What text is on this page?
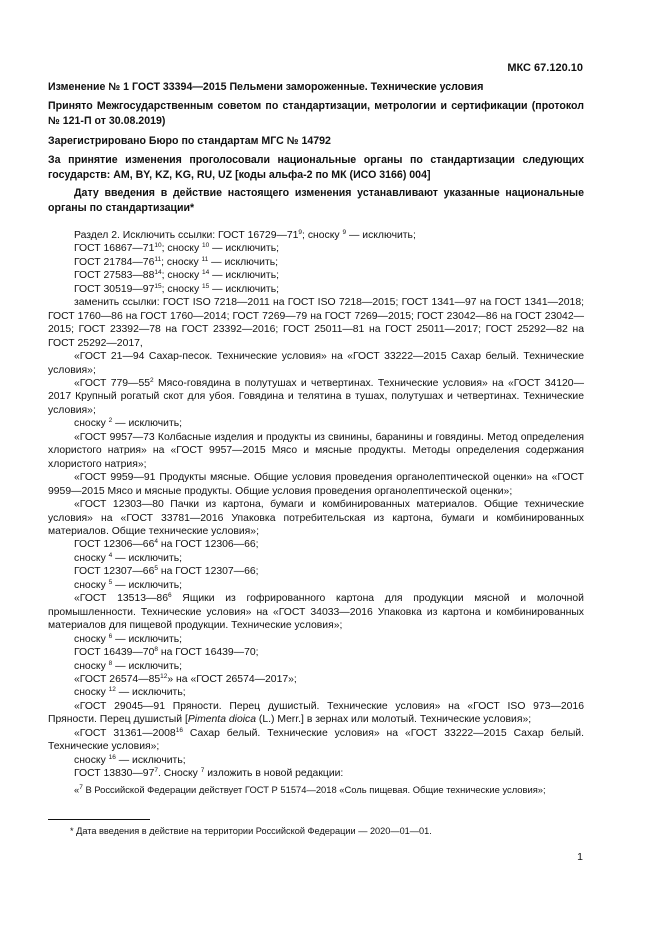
МКС 67.120.10
Изменение № 1 ГОСТ 33394—2015 Пельмени замороженные. Технические условия
Принято Межгосударственным советом по стандартизации, метрологии и сертификации (протокол № 121-П от 30.08.2019)
Зарегистрировано Бюро по стандартам МГС № 14792
За принятие изменения проголосовали национальные органы по стандартизации следующих государств: AM, BY, KZ, KG, RU, UZ [коды альфа-2 по МК (ИСО 3166) 004]
Дату введения в действие настоящего изменения устанавливают указанные национальные органы по стандартизации*

Раздел 2. Исключить ссылки: ГОСТ $16729—71^9$; сноску $^9$ — исключить;

ГОСТ $16867—71^{10}$; сноску $^{10}$ — исключить;

ГОСТ $21784—76^{11}$; сноску $^{11}$ — исключить;

ГОСТ $27583—88^{14}$; сноску $^{14}$ — исключить;

ГОСТ $30519—97^{15}$; сноску $^{15}$ — исключить;

заменить ссылки: ГОСТ ISO 7218—2011 на ГОСТ ISO 7218—2015; ГОСТ 1341—97 на ГОСТ 1341—2018; ГОСТ 1760—86 на ГОСТ 1760—2014; ГОСТ 7269—79 на ГОСТ 7269—2015; ГОСТ 23042—86 на ГОСТ 23042—2015; ГОСТ 23392—78 на ГОСТ 23392—2016; ГОСТ 25011—81 на ГОСТ 25011—2017; ГОСТ 25292—82 на ГОСТ 25292—2017,

«ГОСТ 21—94 Сахар-песок. Технические условия» на «ГОСТ 33222—2015 Сахар белый. Технические условия»;

«ГОСТ $779—55^2$ Мясо-говядина в полутушах и четвертинах. Технические условия» на «ГОСТ 34120—2017 Крупный рогатый скот для убоя. Говядина и телятина в тушах, полутушах и четвертинах. Технические условия»;

сноску $^2$ — исключить;

«ГОСТ 9957—73 Колбасные изделия и продукты из свинины, баранины и говядины. Метод определения хлористого натрия» на «ГОСТ 9957—2015 Мясо и мясные продукты. Методы определения содержания хлористого натрия»;

«ГОСТ 9959—91 Продукты мясные. Общие условия проведения органолептической оценки» на «ГОСТ 9959—2015 Мясо и мясные продукты. Общие условия проведения органолептической оценки»;

«ГОСТ 12303—80 Пачки из картона, бумаги и комбинированных материалов. Общие технические условия» на «ГОСТ 33781—2016 Упаковка потребительская из картона, бумаги и комбинированных материалов. Общие технические условия»;

ГОСТ $12306—66^4$ на ГОСТ 12306—66;

сноску $^4$ — исключить;

ГОСТ $12307—66^5$ на ГОСТ 12307—66;

сноску $^5$ — исключить;

«ГОСТ $13513—86^6$ Ящики из гофрированного картона для продукции мясной и молочной промышленности. Технические условия» на «ГОСТ 34033—2016 Упаковка из картона и комбинированных материалов для пищевой продукции. Технические условия»;

сноску $^6$ — исключить;

ГОСТ $16439—70^8$ на ГОСТ 16439—70;

сноску $^8$ — исключить;

«ГОСТ $26574—85^{12}$» на «ГОСТ 26574—2017»;

сноску $^{12}$ — исключить;

«ГОСТ 29045—91 Пряности. Перец душистый. Технические условия» на «ГОСТ ISO 973—2016 Пряности. Перец душистый [Pimenta dioica (L.) Merr.] в зернах или молотый. Технические условия»;

«ГОСТ 31361—2008$^{16}$ Сахар белый. Технические условия» на «ГОСТ 33222—2015 Сахар белый. Технические условия»;

сноску $^{16}$ — исключить;

ГОСТ $13830—97^7$. Сноску $^7$ изложить в новой редакции:

«$^7$ В Российской Федерации действует ГОСТ Р 51574—2018 «Соль пищевая. Общие технические условия»;

* Дата введения в действие на территории Российской Федерации — 2020—01—01.
1
